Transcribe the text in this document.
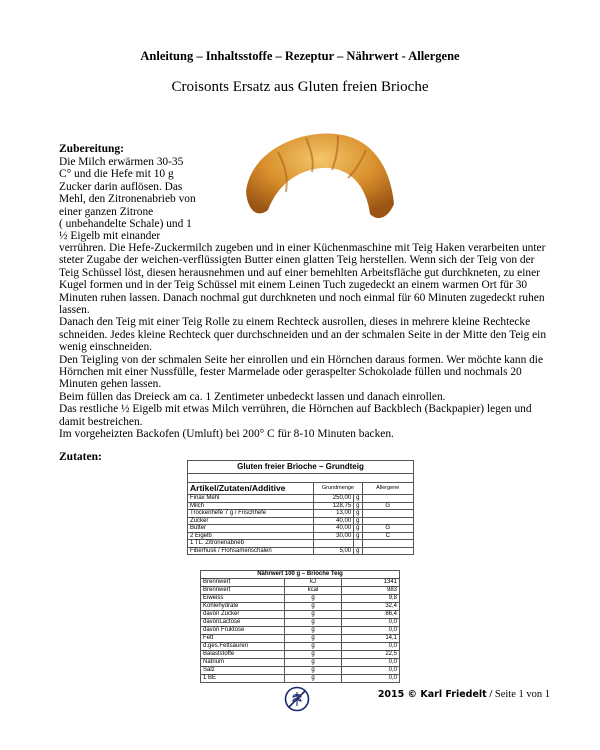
Anleitung – Inhaltsstoffe – Rezeptur – Nährwert - Allergene
Croisonts Ersatz aus Gluten freien Brioche
Zubereitung:

Die Milch erwärmen 30-35

C° und die Hefe mit 10 g

Zucker darin auflösen. Das

Mehl, den Zitronenabrieb von

einer ganzen Zitrone

( unbehandelte Schale) und 1

½ Eigelb mit einander

verrühren. Die Hefe-Zuckermilch zugeben und in einer Küchenmaschine mit Teig Haken verarbeiten unter steter Zugabe der weichen-verflüssigten Butter einen glatten Teig herstellen. Wenn sich der Teig von der Teig Schüssel löst, diesen herausnehmen und auf einer bemehlten Arbeitsfläche gut durchkneten, zu einer Kugel formen und in der Teig Schüssel mit einem Leinen Tuch zugedeckt an einem warmen Ort für 30 Minuten ruhen lassen. Danach nochmal gut durchkneten und noch einmal für 60 Minuten zugedeckt ruhen lassen.

Danach den Teig mit einer Teig Rolle zu einem Rechteck ausrollen, dieses in mehrere kleine Rechtecke schneiden. Jedes kleine Rechteck quer durchschneiden und an der schmalen Seite in der Mitte den Teig ein wenig einschneiden.

Den Teigling von der schmalen Seite her einrollen und ein Hörnchen daraus formen. Wer möchte kann die Hörnchen mit einer Nussfülle, fester Marmelade oder geraspelter Schokolade füllen und nochmals 20 Minuten gehen lassen.

Beim füllen das Dreieck am ca. 1 Zentimeter unbedeckt lassen und danach einrollen.

Das restliche ½ Eigelb mit etwas Milch verrühren, die Hörnchen auf Backblech (Backpapier) legen und damit bestreichen.

Im vorgeheizten Backofen (Umluft) bei 200° C für 8-10 Minuten backen.

Zutaten:
Gluten freier Brioche – Grundteig			

Artikel/Zutaten/Additive	Grundmenge		Allergene
Finax Mehl	250,00	g	
Milch	128,75	g	G
Trockenhefe 7 g / Frischhefe	13,00	g	
Zucker	40,00	g	
Butter	40,00	g	G
2 Eigelb	30,00	g	C
1 TL. Zitronenabrieb			
Fiberhusk / Flohsamenschalen	5,00	g	
Nährwert 100 g – Brioche Teig		
Brennwert	kJ	1341
Brennwert	kcal	983
Eiweiss	g	9,8
Kohlehydrate	g	32,4
davon Zucker	g	86,4
davonLactose	g	0,0
davon Fruktose	g	0,0
Fett	g	14,1
d.ges.Fettsäuren	g	0,0
Balaststoffe	g	22,5
Natrium	g	0,0
Salz	g	0,0
1 BE	g	0,0
2015 © Karl Friedelt / Seite 1 von 1
